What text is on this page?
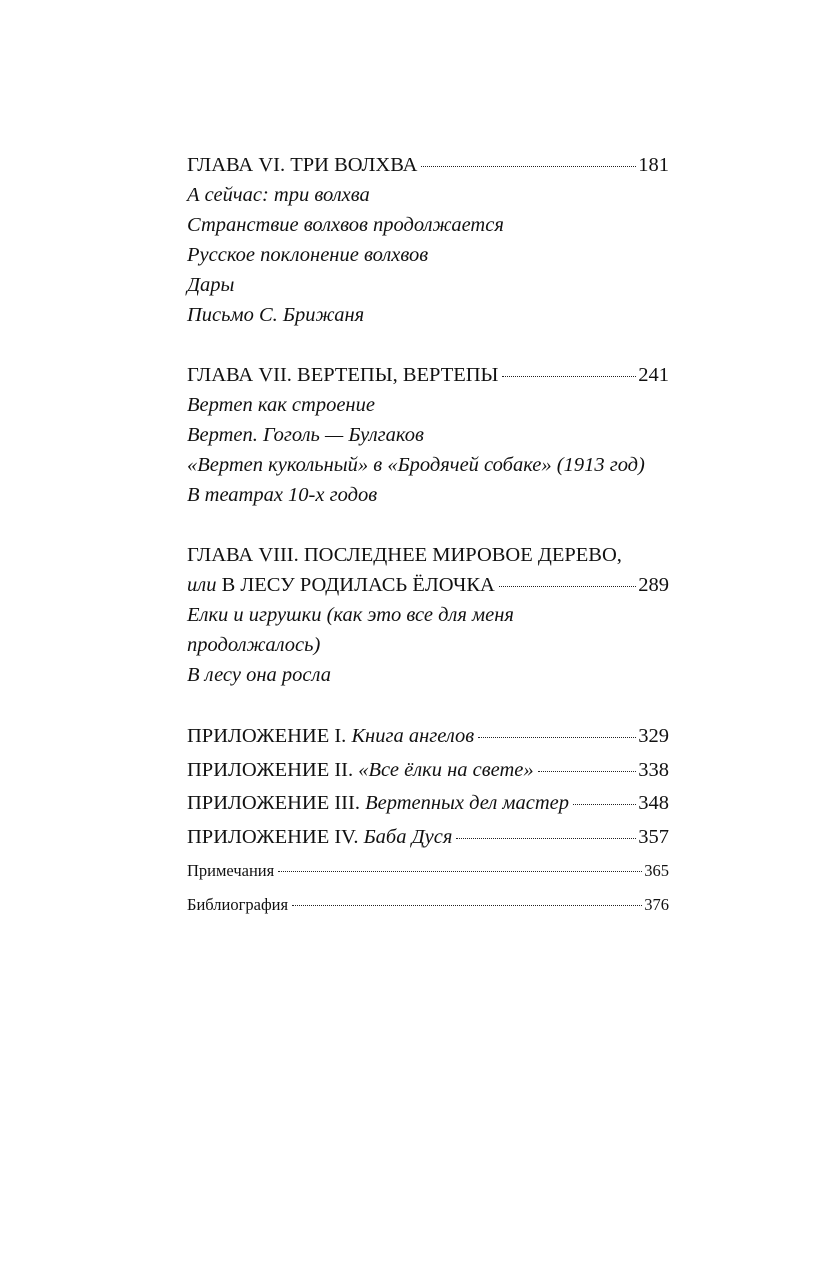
ГЛАВА VI. ТРИ ВОЛХВА	181
А сейчас: три волхва
Странствие волхвов продолжается
Русское поклонение волхвов
Дары
Письмо С. Брижаня
ГЛАВА VII. ВЕРТЕПЫ, ВЕРТЕПЫ	241
Вертеп как строение
Вертеп. Гоголь — Булгаков
«Вертеп кукольный» в «Бродячей собаке» (1913 год)
В театрах 10-х годов
ГЛАВА VIII. ПОСЛЕДНЕЕ МИРОВОЕ ДЕРЕВО,
или В ЛЕСУ РОДИЛАСЬ ЁЛОЧКА	289
Елки и игрушки (как это все для меня
продолжалось)
В лесу она росла
ПРИЛОЖЕНИЕ I. Книга ангелов	329
ПРИЛОЖЕНИЕ II. «Все ёлки на свете»	338
ПРИЛОЖЕНИЕ III. Вертепных дел мастер	348
ПРИЛОЖЕНИЕ IV. Баба Дуся	357
Примечания	365
Библиография	376
